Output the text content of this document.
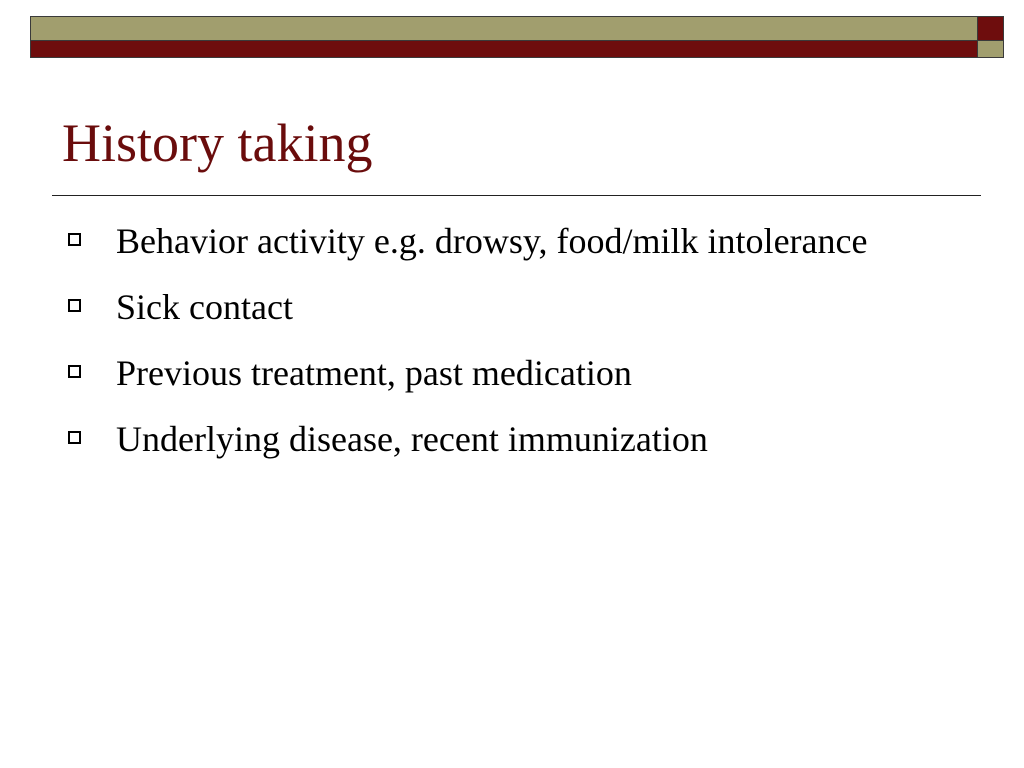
History taking
Behavior activity e.g. drowsy, food/milk intolerance
Sick contact
Previous treatment, past medication
Underlying disease, recent immunization
